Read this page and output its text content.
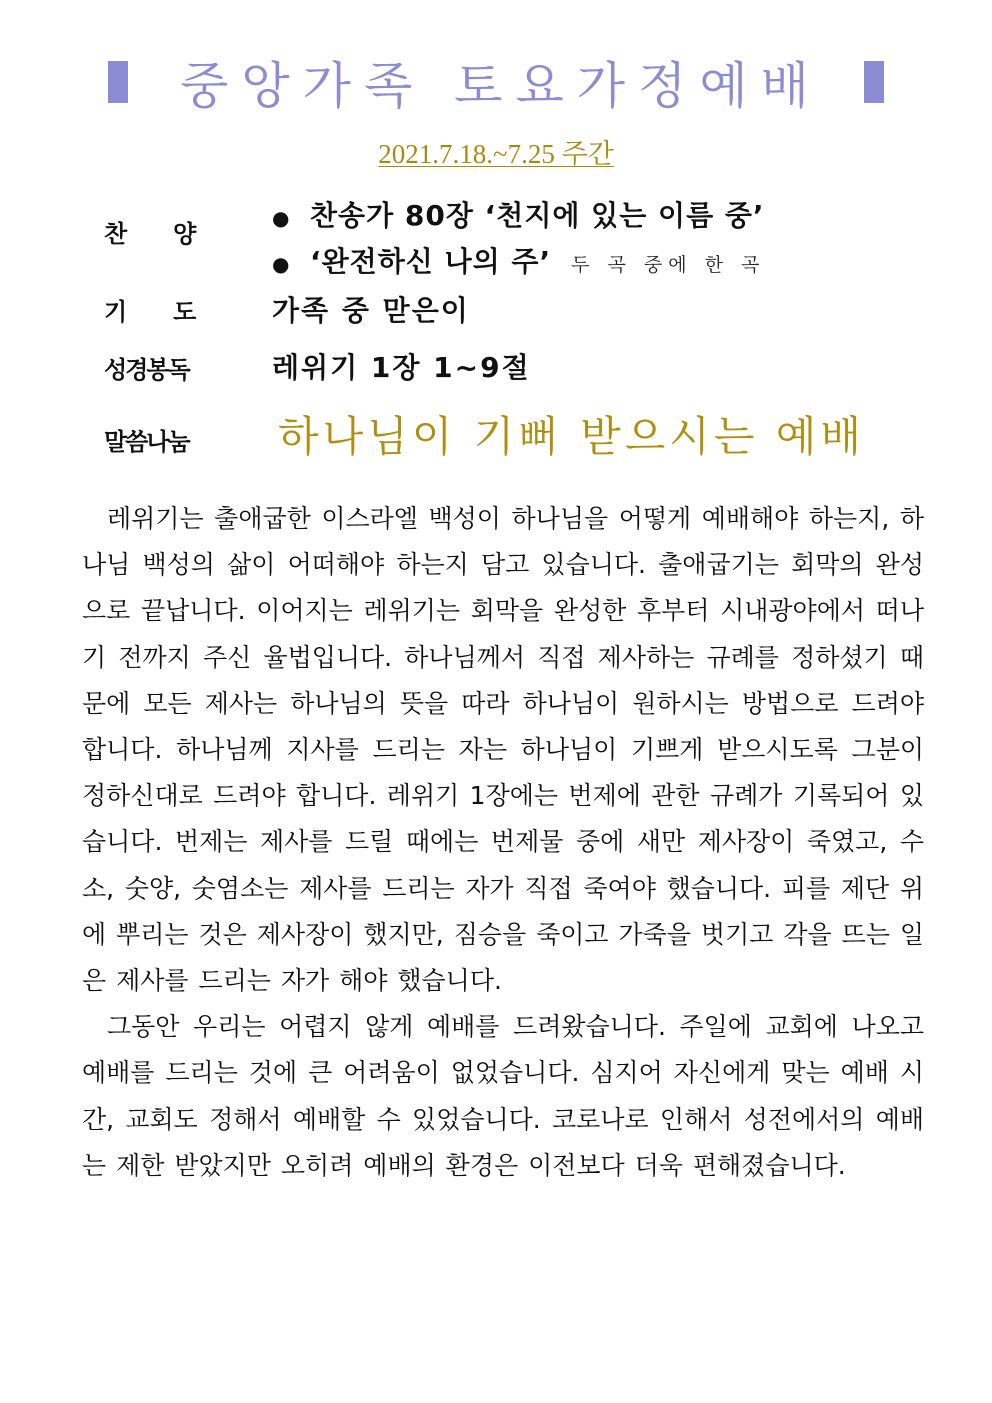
중앙가족 토요가정예배
2021.7.18.~7.25 주간
찬양
● 찬송가 80장 ‘천지에 있는 이름 중’
● ‘완전하신 나의 주’ 두 곡 중에 한 곡
기도 가족 중 맏은이
성경봉독	레위기 1장 1~9절
말씀나눔 하나님이 기뻐 받으시는 예배

레위기는 출애굽한 이스라엘 백성이 하나님을 어떻게 예배해야 하는지, 하나님 백성의 삶이 어떠해야 하는지 담고 있습니다. 출애굽기는 회막의 완성으로 끝납니다. 이어지는 레위기는 회막을 완성한 후부터 시내광야에서 떠나기 전까지 주신 율법입니다. 하나님께서 직접 제사하는 규례를 정하셨기 때문에 모든 제사는 하나님의 뜻을 따라 하나님이 원하시는 방법으로 드려야 합니다. 하나님께 지사를 드리는 자는 하나님이 기쁘게 받으시도록 그분이 정하신대로 드려야 합니다. 레위기 1장에는 번제에 관한 규례가 기록되어 있습니다. 번제는 제사를 드릴 때에는 번제물 중에 새만 제사장이 죽였고, 수소, 숫양, 숫염소는 제사를 드리는 자가 직접 죽여야 했습니다. 피를 제단 위에 뿌리는 것은 제사장이 했지만, 짐승을 죽이고 가죽을 벗기고 각을 뜨는 일은 제사를 드리는 자가 해야 했습니다.

그동안 우리는 어렵지 않게 예배를 드려왔습니다. 주일에 교회에 나오고 예배를 드리는 것에 큰 어려움이 없었습니다. 심지어 자신에게 맞는 예배 시간, 교회도 정해서 예배할 수 있었습니다. 코로나로 인해서 성전에서의 예배는 제한 받았지만 오히려 예배의 환경은 이전보다 더욱 편해졌습니다.
